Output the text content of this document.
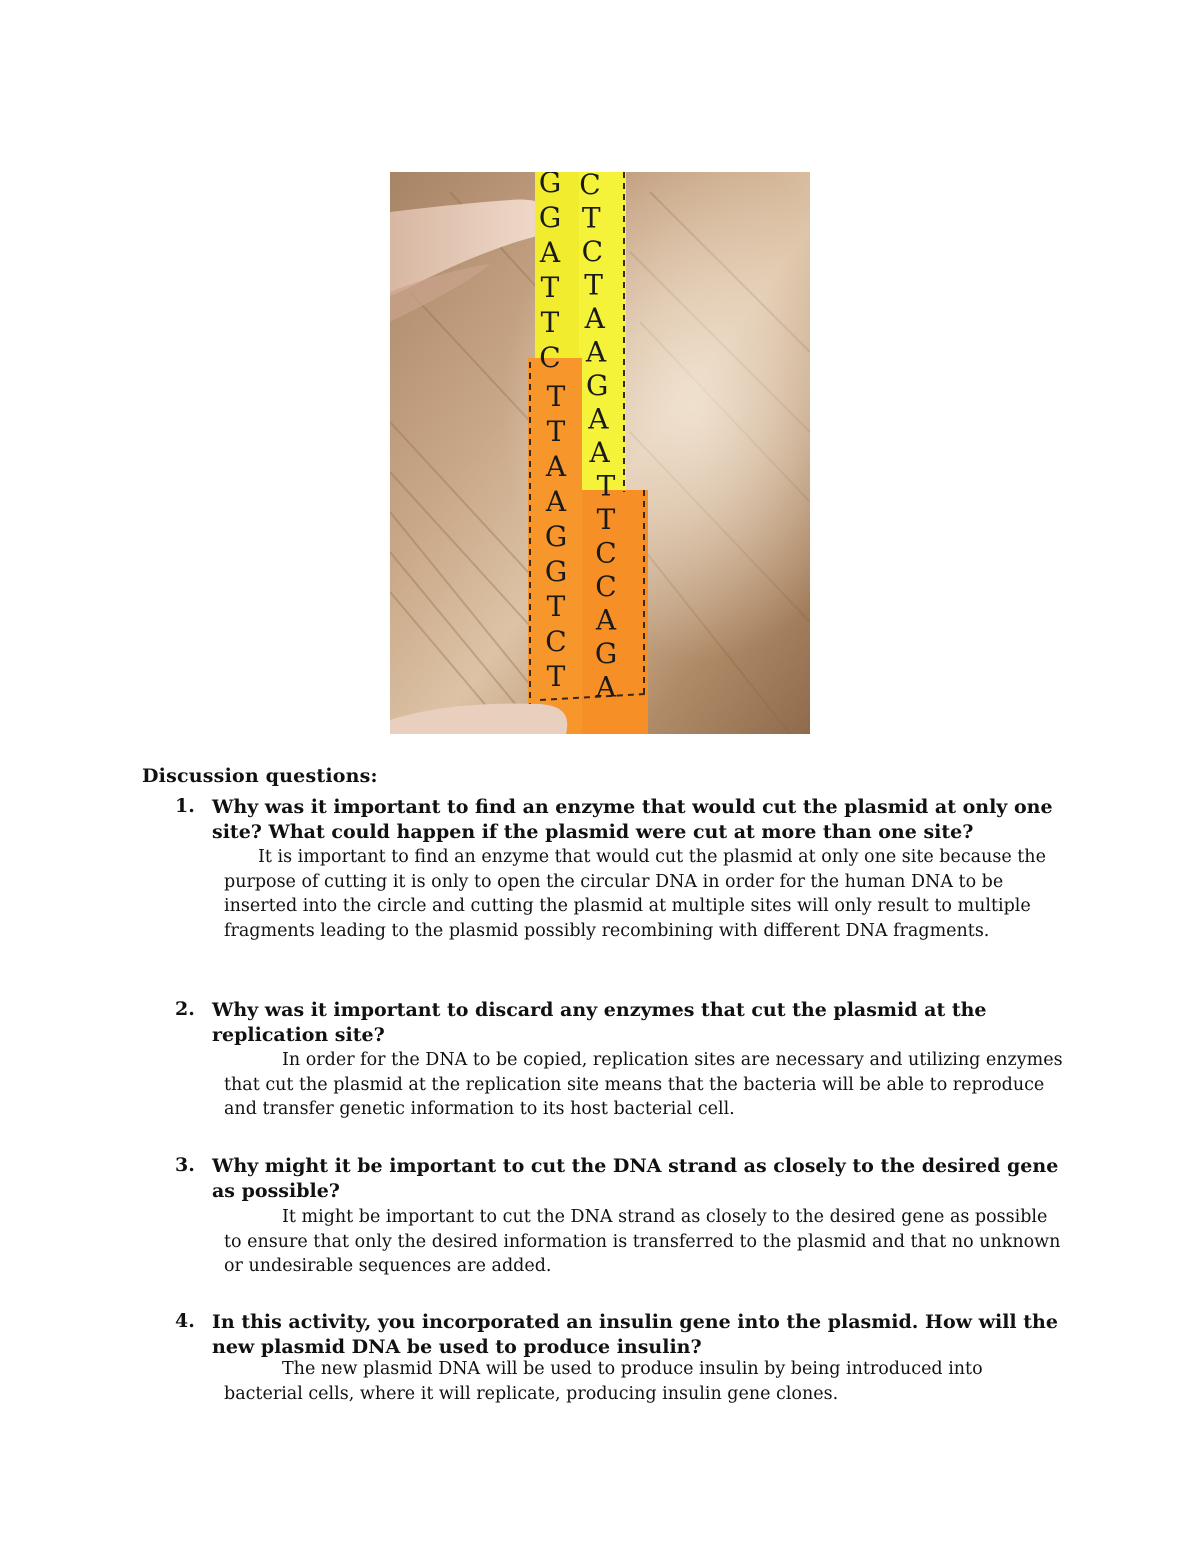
G
G
A
T
T
C
T
T
A
A
G
G
T
C
T
C
T
C
T
A
A
G
A
A
T
T
C
C
A
G
A
Discussion questions:
1. Why was it important to find an enzyme that would cut the plasmid at only one site? What could happen if the plasmid were cut at more than one site?

It is important to find an enzyme that would cut the plasmid at only one site because the purpose of cutting it is only to open the circular DNA in order for the human DNA to be inserted into the circle and cutting the plasmid at multiple sites will only result to multiple fragments leading to the plasmid possibly recombining with different DNA fragments.

2. Why was it important to discard any enzymes that cut the plasmid at the replication site?

In order for the DNA to be copied, replication sites are necessary and utilizing enzymes that cut the plasmid at the replication site means that the bacteria will be able to reproduce and transfer genetic information to its host bacterial cell.

3. Why might it be important to cut the DNA strand as closely to the desired gene as possible?

It might be important to cut the DNA strand as closely to the desired gene as possible to ensure that only the desired information is transferred to the plasmid and that no unknown or undesirable sequences are added.

4. In this activity, you incorporated an insulin gene into the plasmid. How will the new plasmid DNA be used to produce insulin?

The new plasmid DNA will be used to produce insulin by being introduced into bacterial cells, where it will replicate, producing insulin gene clones.
